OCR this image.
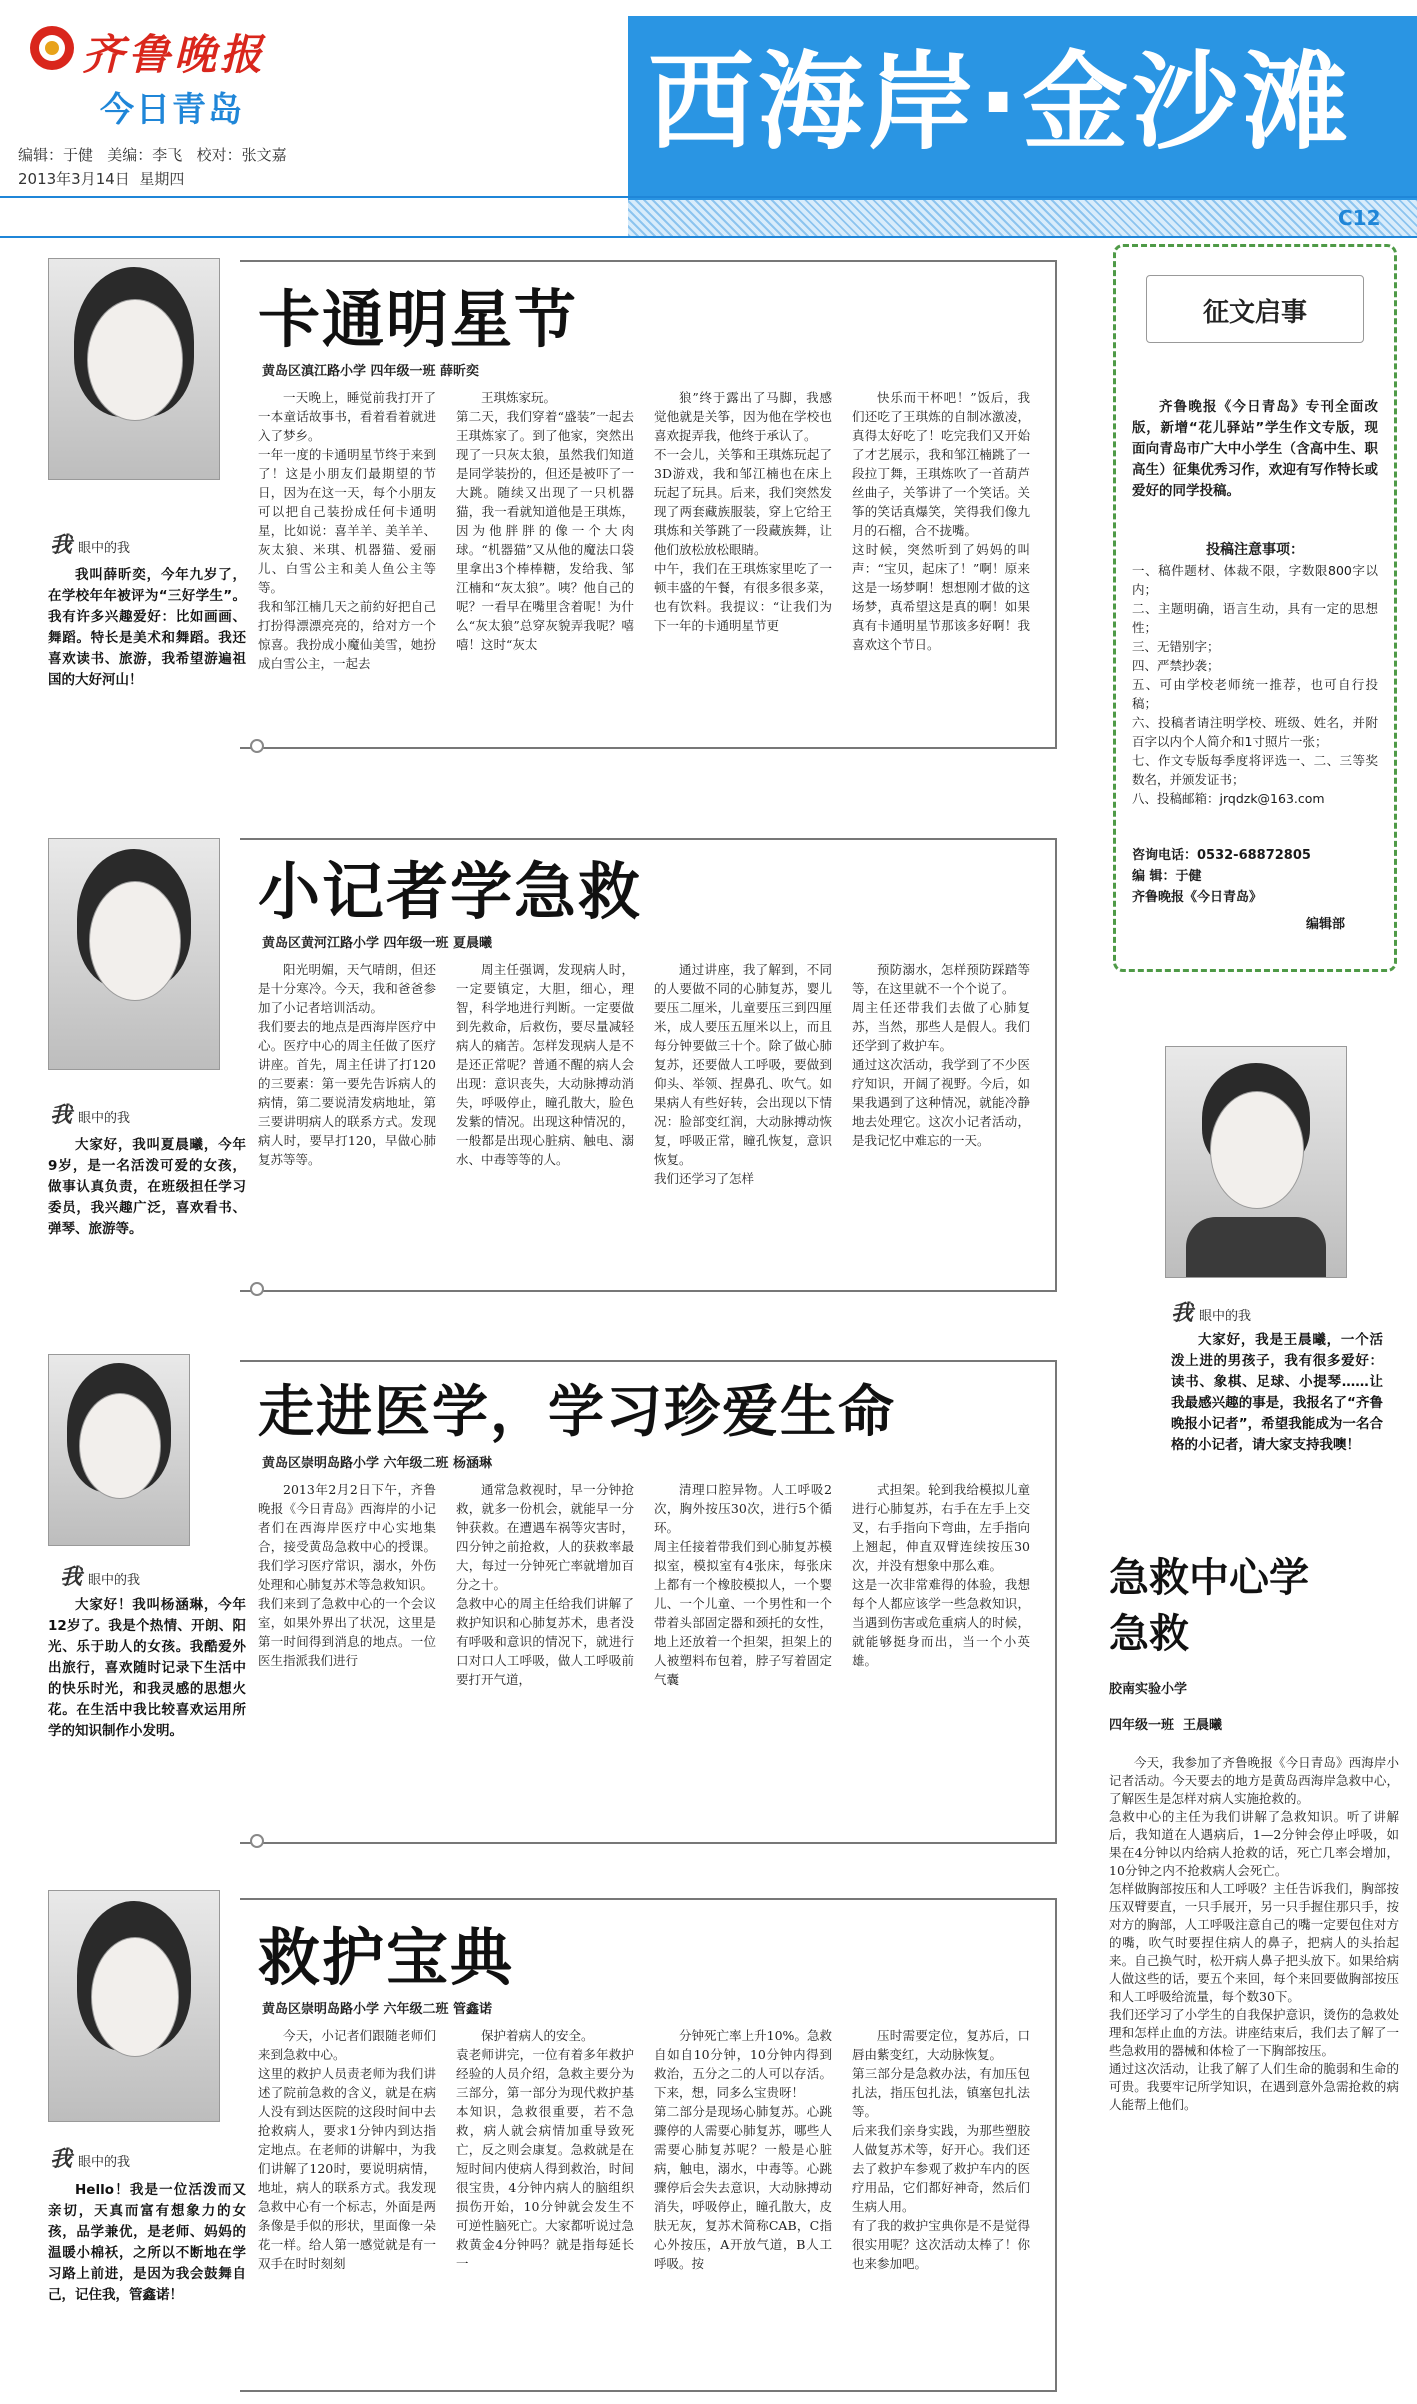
齐鲁晚报
今日青岛
编辑：于健   美编：李飞   校对：张文嘉
2013年3月14日  星期四
西海岸·金沙滩
C12
我眼中的我
我叫薛昕奕，今年九岁了，在学校年年被评为“三好学生”。我有许多兴趣爱好：比如画画、舞蹈。特长是美术和舞蹈。我还喜欢读书、旅游，我希望游遍祖国的大好河山！
卡通明星节
黄岛区滇江路小学 四年级一班 薛昕奕
一天晚上，睡觉前我打开了一本童话故事书，看着看着就进入了梦乡。
一年一度的卡通明星节终于来到了！这是小朋友们最期望的节日，因为在这一天，每个小朋友可以把自己装扮成任何卡通明星，比如说：喜羊羊、美羊羊、灰太狼、米琪、机器猫、爱丽儿、白雪公主和美人鱼公主等等。
我和邹江楠几天之前約好把自己打扮得漂漂亮亮的，给对方一个惊喜。我扮成小魔仙美雪，她扮成白雪公主，一起去
王琪炼家玩。
第二天，我们穿着“盛装”一起去王琪炼家了。到了他家，突然出现了一只灰太狼，虽然我们知道是同学装扮的，但还是被吓了一大跳。随续又出现了一只机器猫，我一看就知道他是王琪炼，因为他胖胖的像一个大肉球。“机器猫”又从他的魔法口袋里拿出3个棒棒糖，发给我、邹江楠和“灰太狼”。咦？他自己的呢？一看早在嘴里含着呢！为什么“灰太狼”总穿灰貌弄我呢？嘻嘻！这时“灰太
狼”终于露出了马脚，我感觉他就是关筝，因为他在学校也喜欢捉弄我，他终于承认了。
不一会儿，关筝和王琪炼玩起了3D游戏，我和邹江楠也在床上玩起了玩具。后来，我们突然发现了两套藏族服装，穿上它给王琪炼和关筝跳了一段藏族舞，让他们放松放松眼睛。
中午，我们在王琪炼家里吃了一顿丰盛的午餐，有很多很多菜，也有饮料。我提议：“让我们为下一年的卡通明星节更
快乐而干杯吧！”饭后，我们还吃了王琪炼的自制冰激凌，真得太好吃了！吃完我们又开始了才艺展示，我和邹江楠跳了一段拉丁舞，王琪炼吹了一首葫芦丝曲子，关筝讲了一个笑话。关筝的笑话真爆笑，笑得我们像九月的石榴，合不拢嘴。
这时候，突然听到了妈妈的叫声：“宝贝，起床了！”啊！原来这是一场梦啊！想想刚才做的这场梦，真希望这是真的啊！如果真有卡通明星节那该多好啊！我喜欢这个节日。
我眼中的我
大家好，我叫夏晨曦，今年9岁，是一名活泼可爱的女孩，做事认真负责，在班级担任学习委员，我兴趣广泛，喜欢看书、弹琴、旅游等。
小记者学急救
黄岛区黄河江路小学 四年级一班 夏晨曦
阳光明媚，天气晴朗，但还是十分寒冷。今天，我和爸爸参加了小记者培训活动。
我们要去的地点是西海岸医疗中心。医疗中心的周主任做了医疗讲座。首先，周主任讲了打120的三要素：第一要先告诉病人的病情，第二要说清发病地址，第三要讲明病人的联系方式。发现病人时，要早打120，早做心肺复苏等等。
周主任强调，发现病人时，一定要镇定，大胆，细心，理智，科学地进行判断。一定要做到先救命，后救伤，要尽量减轻病人的痛苦。怎样发现病人是不是还正常呢？普通不醒的病人会出现：意识丧失，大动脉搏动消失，呼吸停止，瞳孔散大，脸色发紫的情况。出现这种情况的，一般都是出现心脏病、触电、溺水、中毒等等的人。
通过讲座，我了解到，不同的人要做不同的心肺复苏，婴儿要压二厘米，儿童要压三到四厘米，成人要压五厘米以上，而且每分钟要做三十个。除了做心肺复苏，还要做人工呼吸，要做到仰头、举领、捏鼻孔、吹气。如果病人有些好转，会出现以下情况：脸部变红润，大动脉搏动恢复，呼吸正常，瞳孔恢复，意识恢复。
我们还学习了怎样
预防溺水，怎样预防踩踏等等，在这里就不一个个说了。
周主任还带我们去做了心肺复苏，当然，那些人是假人。我们还学到了救护车。
通过这次活动，我学到了不少医疗知识，开阔了视野。今后，如果我遇到了这种情况，就能冷静地去处理它。这次小记者活动，是我记忆中难忘的一天。
我眼中的我
大家好！我叫杨涵琳，今年12岁了。我是个热情、开朗、阳光、乐于助人的女孩。我酷爱外出旅行，喜欢随时记录下生活中的快乐时光，和我灵感的思想火花。在生活中我比较喜欢运用所学的知识制作小发明。
走进医学，学习珍爱生命
黄岛区崇明岛路小学 六年级二班 杨涵琳
2013年2月2日下午，齐鲁晚报《今日青岛》西海岸的小记者们在西海岸医疗中心实地集合，接受黄岛急救中心的授课。我们学习医疗常识，溺水，外伤处理和心肺复苏术等急救知识。
我们来到了急救中心的一个会议室，如果外界出了状况，这里是第一时间得到消息的地点。一位医生指派我们进行
通常急救视时，早一分钟抢救，就多一份机会，就能早一分钟获救。在遭遇车祸等灾害时，四分钟之前抢救，人的获救率最大，每过一分钟死亡率就增加百分之十。
急救中心的周主任给我们讲解了救护知识和心肺复苏术，患者没有呼吸和意识的情况下，就进行口对口人工呼吸，做人工呼吸前要打开气道，
清理口腔异物。人工呼吸2次，胸外按压30次，进行5个循环。
周主任接着带我们到心肺复苏模拟室，模拟室有4张床，每张床上都有一个橡胶模拟人，一个婴儿、一个儿童、一个男性和一个带着头部固定器和颈托的女性，地上还放着一个担架，担架上的人被塑料布包着，脖子写着固定气囊
式担架。轮到我给模拟儿童进行心肺复苏，右手在左手上交叉，右手指向下弯曲，左手指向上翘起，伸直双臂连续按压30次，并没有想象中那么难。
这是一次非常难得的体验，我想每个人都应该学一些急救知识，当遇到伤害或危重病人的时候，就能够挺身而出，当一个小英雄。
我眼中的我
Hello！我是一位活泼而又亲切，天真而富有想象力的女孩，品学兼优，是老师、妈妈的温暖小棉袄，之所以不断地在学习路上前进，是因为我会鼓舞自己，记住我，管鑫诺！
救护宝典
黄岛区崇明岛路小学 六年级二班 管鑫诺
今天，小记者们跟随老师们来到急救中心。
这里的救护人员责老师为我们讲述了院前急救的含义，就是在病人没有到达医院的这段时间中去抢救病人，要求1分钟内到达指定地点。在老师的讲解中，为我们讲解了120时，要说明病情，地址，病人的联系方式。我发现急救中心有一个标志，外面是两条像是手似的形状，里面像一朵花一样。给人第一感觉就是有一双手在时时刻刻
保护着病人的安全。
袁老师讲完，一位有着多年救护经验的人员介绍，急救主要分为三部分，第一部分为现代救护基本知识，急救很重要，若不急救，病人就会病情加重导致死亡，反之则会康复。急救就是在短时间内使病人得到救治，时间很宝贵，4分钟内病人的脑组织损伤开始，10分钟就会发生不可逆性脑死亡。大家都听说过急救黄金4分钟吗？就是指每延长一
分钟死亡率上升10%。急救自如自10分钟，10分钟内得到救治，五分之二的人可以存活。下来，想，同多么宝贵呀！
第二部分是现场心肺复苏。心跳骤停的人需要心肺复苏，哪些人需要心肺复苏呢？一般是心脏病，触电，溺水，中毒等。心跳骤停后会失去意识，大动脉搏动消失，呼吸停止，瞳孔散大，皮肤无灰，复苏术简称CAB，C指心外按压，A开放气道，B人工呼吸。按
压时需要定位，复苏后，口唇由紫变红，大动脉恢复。
第三部分是急救办法，有加压包扎法，指压包扎法，镇塞包扎法等。
后来我们亲身实践，为那些塑胶人做复苏术等，好开心。我们还去了救护车参观了救护车内的医疗用品，它们都好神奇，然后们生病人用。
有了我的救护宝典你是不是觉得很实用呢？这次活动太棒了！你也来参加吧。
征文启事
齐鲁晚报《今日青岛》专刊全面改版，新增“花儿驿站”学生作文专版，现面向青岛市广大中小学生（含高中生、职高生）征集优秀习作，欢迎有写作特长或爱好的同学投稿。
投稿注意事项：
一、稿件题材、体裁不限，字数限800字以内；
二、主题明确，语言生动，具有一定的思想性；
三、无错别字；
四、严禁抄袭；
五、可由学校老师统一推荐，也可自行投稿；
六、投稿者请注明学校、班级、姓名，并附百字以内个人简介和1寸照片一张；
七、作文专版每季度将评选一、二、三等奖数名，并颁发证书；
八、投稿邮箱：jrqdzk@163.com
咨询电话：0532-68872805
编 辑：于健
齐鲁晚报《今日青岛》
编辑部
我眼中的我
大家好，我是王晨曦，一个活泼上进的男孩子，我有很多爱好：读书、象棋、足球、小提琴……让我最感兴趣的事是，我报名了“齐鲁晚报小记者”，希望我能成为一名合格的小记者，请大家支持我噢！
急救中心学急救
胶南实验小学
四年级一班  王晨曦
今天，我参加了齐鲁晚报《今日青岛》西海岸小记者活动。今天要去的地方是黄岛西海岸急救中心，了解医生是怎样对病人实施抢救的。
急救中心的主任为我们讲解了急救知识。听了讲解后，我知道在人遇病后，1—2分钟会停止呼吸，如果在4分钟以内给病人抢救的话，死亡几率会增加，10分钟之内不抢救病人会死亡。
怎样做胸部按压和人工呼吸？主任告诉我们，胸部按压双臂要直，一只手展开，另一只手握住那只手，按对方的胸部，人工呼吸注意自己的嘴一定要包住对方的嘴，吹气时要捏住病人的鼻子，把病人的头抬起来。自己换气时，松开病人鼻子把头放下。如果给病人做这些的话，要五个来回，每个来回要做胸部按压和人工呼吸给流量，每个数30下。
我们还学习了小学生的自我保护意识，烫伤的急救处理和怎样止血的方法。讲座结束后，我们去了解了一些急救用的器械和体检了一下胸部按压。
通过这次活动，让我了解了人们生命的脆弱和生命的可贵。我要牢记所学知识，在遇到意外急需抢救的病人能帮上他们。
